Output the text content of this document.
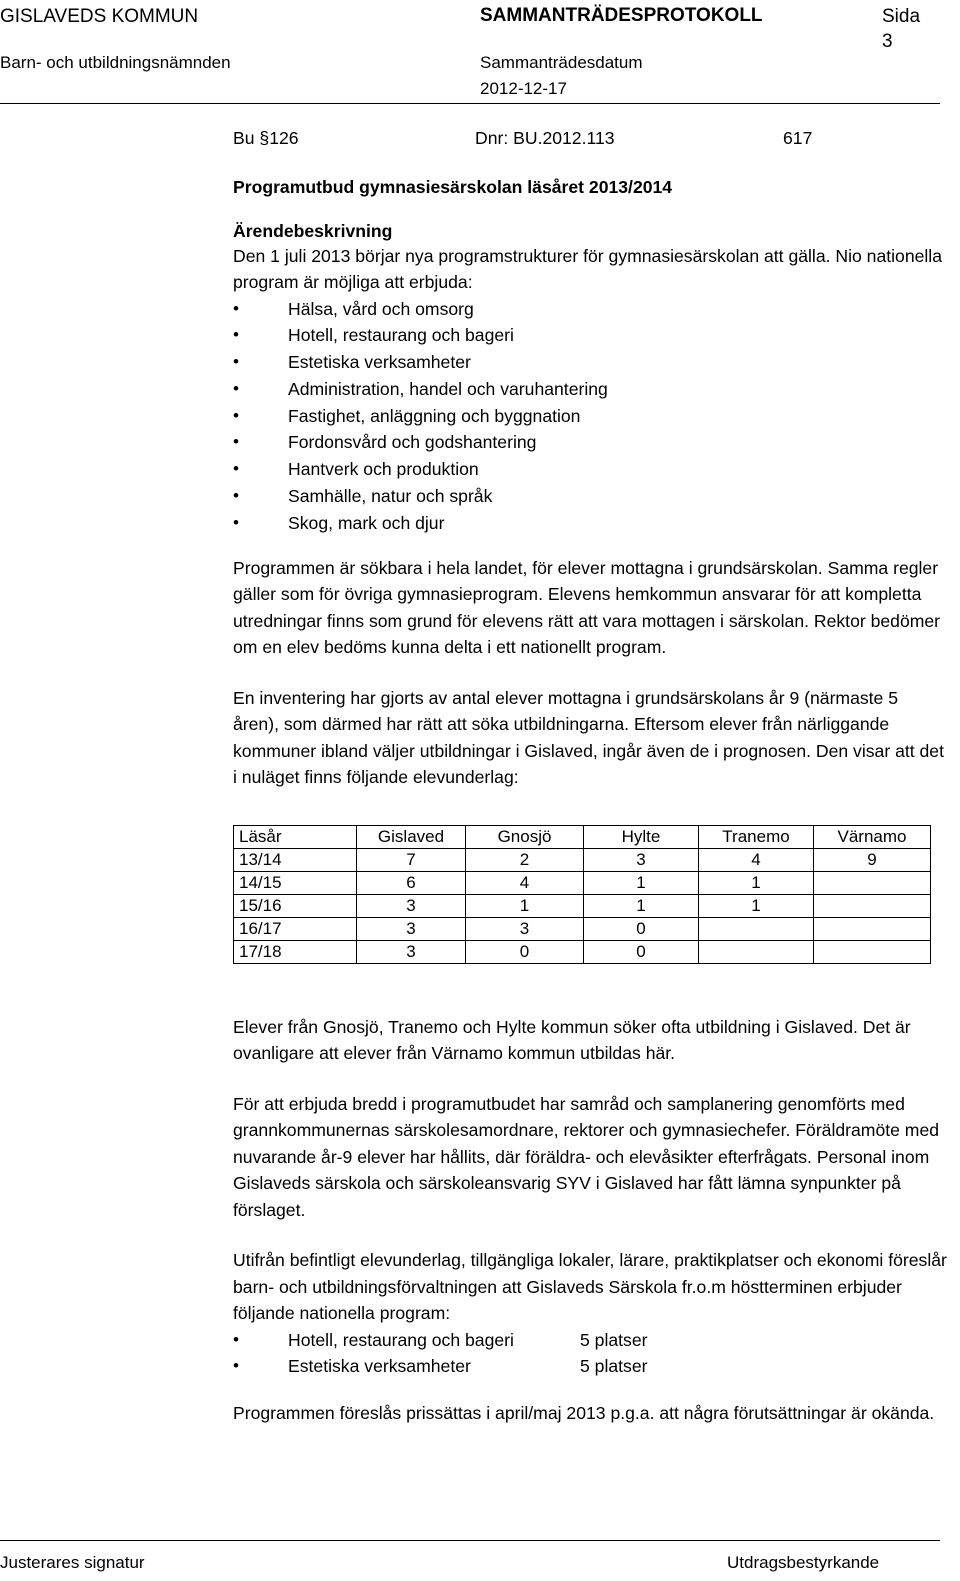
GISLAVEDS KOMMUN	SAMMANTRÄDESPROTOKOLL	Sida
3
Barn- och utbildningsnämnden	Sammanträdesdatum
2012-12-17
Bu §126	Dnr: BU.2012.113	617

Programutbud gymnasiesärskolan läsåret 2013/2014

Ärendebeskrivning

Den 1 juli 2013 börjar nya programstrukturer för gymnasiesärskolan att gälla. Nio nationella program är möjliga att erbjuda:

• Hälsa, vård och omsorg
• Hotell, restaurang och bageri
• Estetiska verksamheter
• Administration, handel och varuhantering
• Fastighet, anläggning och byggnation
• Fordonsvård och godshantering
• Hantverk och produktion
• Samhälle, natur och språk
• Skog, mark och djur

Programmen är sökbara i hela landet, för elever mottagna i grundsärskolan. Samma regler gäller som för övriga gymnasieprogram. Elevens hemkommun ansvarar för att kompletta utredningar finns som grund för elevens rätt att vara mottagen i särskolan. Rektor bedömer om en elev bedöms kunna delta i ett nationellt program.

En inventering har gjorts av antal elever mottagna i grundsärskolans år 9 (närmaste 5 åren), som därmed har rätt att söka utbildningarna. Eftersom elever från närliggande kommuner ibland väljer utbildningar i Gislaved, ingår även de i prognosen. Den visar att det i nuläget finns följande elevunderlag:

Läsår	Gislaved	Gnosjö	Hylte	Tranemo	Värnamo
13/14	7	2	3	4	9
14/15	6	4	1	1	
15/16	3	1	1	1	
16/17	3	3	0		
17/18	3	0	0		

Elever från Gnosjö, Tranemo och Hylte kommun söker ofta utbildning i Gislaved. Det är ovanligare att elever från Värnamo kommun utbildas här.

För att erbjuda bredd i programutbudet har samråd och samplanering genomförts med grannkommunernas särskolesamordnare, rektorer och gymnasiechefer. Föräldramöte med nuvarande år-9 elever har hållits, där föräldra- och elevåsikter efterfrågats. Personal inom Gislaveds särskola och särskoleansvarig SYV i Gislaved har fått lämna synpunkter på förslaget.

Utifrån befintligt elevunderlag, tillgängliga lokaler, lärare, praktikplatser och ekonomi föreslår barn- och utbildningsförvaltningen att Gislaveds Särskola fr.o.m höstterminen erbjuder följande nationella program:

• Hotell, restaurang och bageri	5 platser
• Estetiska verksamheter	5 platser

Programmen föreslås prissättas i april/maj 2013 p.g.a. att några förutsättningar är okända.

Justerares signatur	Utdragsbestyrkande
